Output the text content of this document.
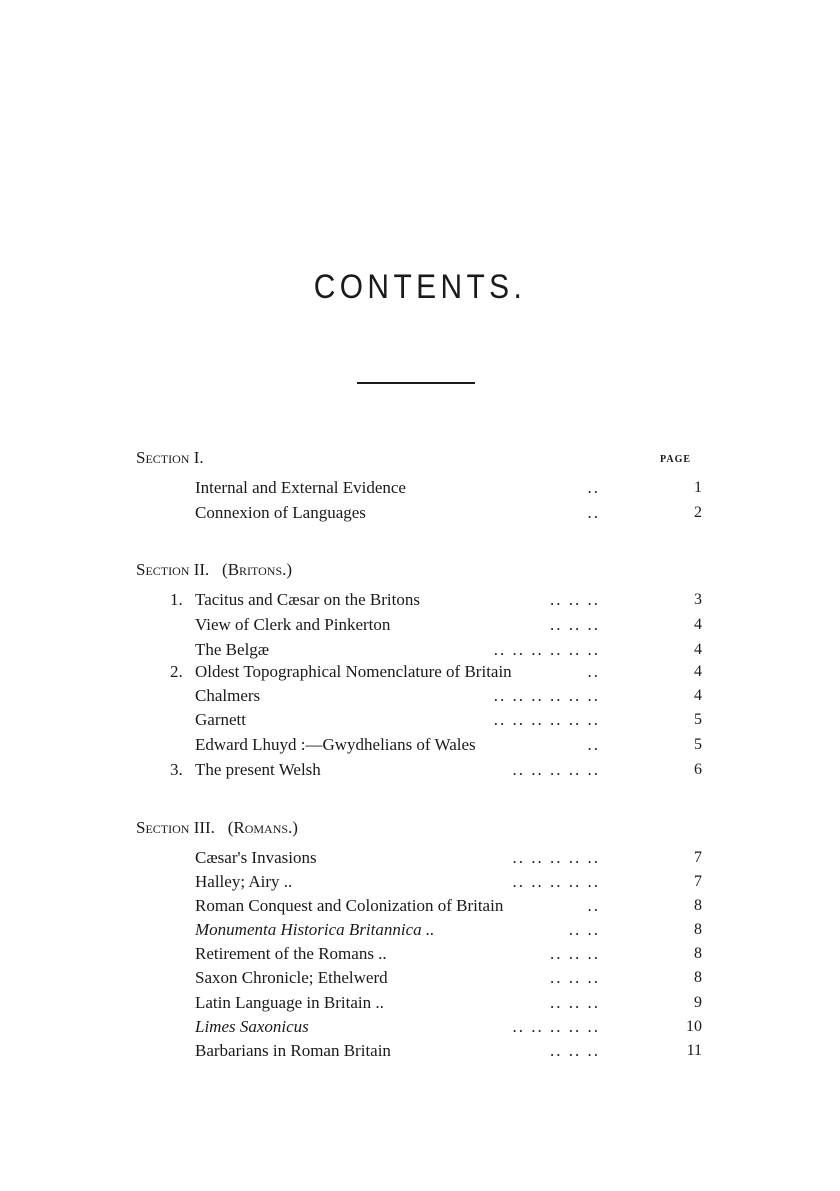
CONTENTS.
PAGE
Section I.
Internal and External Evidence	..	1
Connexion of Languages	..	2
Section II. (Britons.)
1. Tacitus and Cæsar on the Britons	.. .. ..	3
View of Clerk and Pinkerton	.. .. ..	4
The Belgæ	.. .. .. .. .. ..	4
2. Oldest Topographical Nomenclature of Britain	..	4
Chalmers	.. .. .. .. .. ..	4
Garnett	.. .. .. .. .. ..	5
Edward Lhuyd :—Gwydhelians of Wales	..	5
3. The present Welsh	.. .. .. .. ..	6
Section III. (Romans.)
Cæsar's Invasions	.. .. .. .. ..	7
Halley; Airy ..	.. .. .. .. ..	7
Roman Conquest and Colonization of Britain	..	8
Monumenta Historica Britannica ..	.. ..	8
Retirement of the Romans ..	.. .. ..	8
Saxon Chronicle; Ethelwerd	.. .. ..	8
Latin Language in Britain ..	.. .. ..	9
Limes Saxonicus	.. .. .. .. ..	10
Barbarians in Roman Britain	.. .. ..	11
